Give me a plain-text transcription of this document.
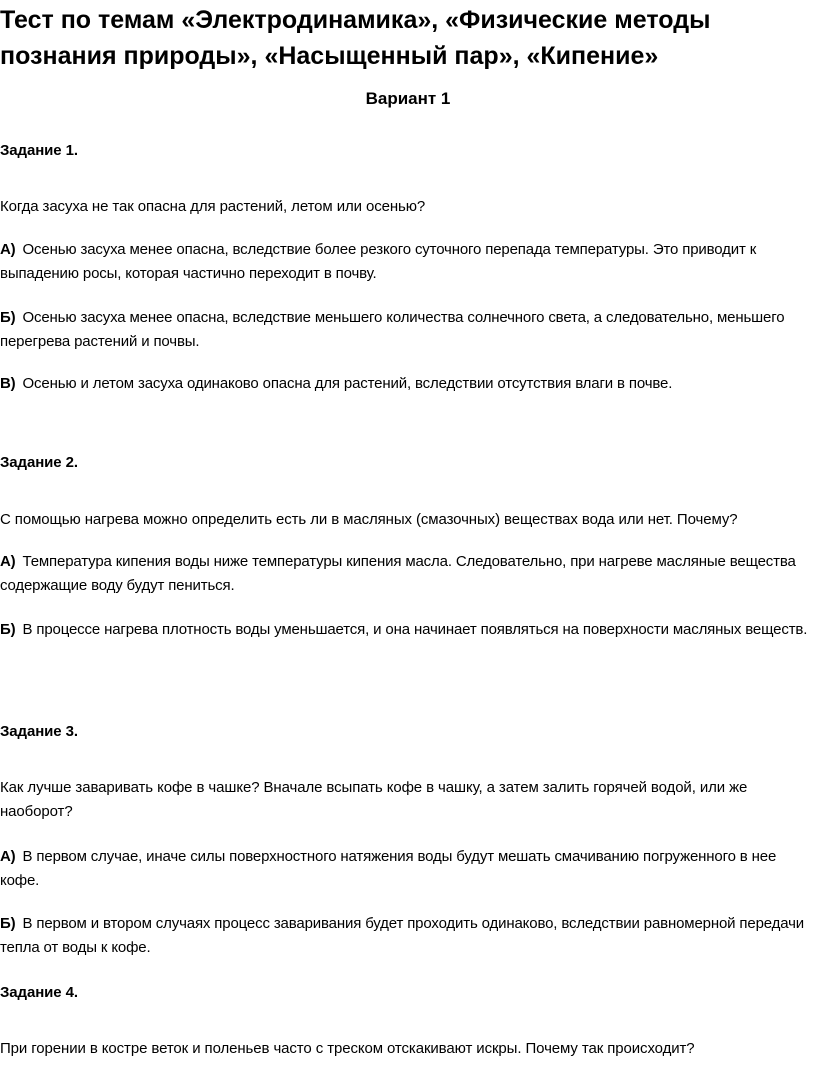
Тест по темам «Электродинамика», «Физические методы познания природы», «Насыщенный пар», «Кипение»
Вариант 1
Задание 1.
Когда засуха не так опасна для растений, летом или осенью?
А) Осенью засуха менее опасна, вследствие более резкого суточного перепада температуры. Это приводит к выпадению росы, которая частично переходит в почву.
Б) Осенью засуха менее опасна, вследствие меньшего количества солнечного света, а следовательно, меньшего перегрева растений и почвы.
В) Осенью и летом засуха одинаково опасна для растений, вследствии отсутствия влаги в почве.
Задание 2.
С помощью нагрева можно определить есть ли в масляных (смазочных) веществах вода или нет. Почему?
А) Температура кипения воды ниже температуры кипения масла. Следовательно, при нагреве масляные вещества содержащие воду будут пениться.
Б) В процессе нагрева плотность воды уменьшается, и она начинает появляться на поверхности масляных веществ.
Задание 3.
Как лучше заваривать кофе в чашке? Вначале всыпать кофе в чашку, а затем залить горячей водой, или же наоборот?
А) В первом случае, иначе силы поверхностного натяжения воды будут мешать смачиванию погруженного в нее кофе.
Б) В первом и втором случаях процесс заваривания будет проходить одинаково, вследствии равномерной передачи тепла от воды к кофе.
Задание 4.
При горении в костре веток и поленьев часто с треском отскакивают искры. Почему так происходит?
